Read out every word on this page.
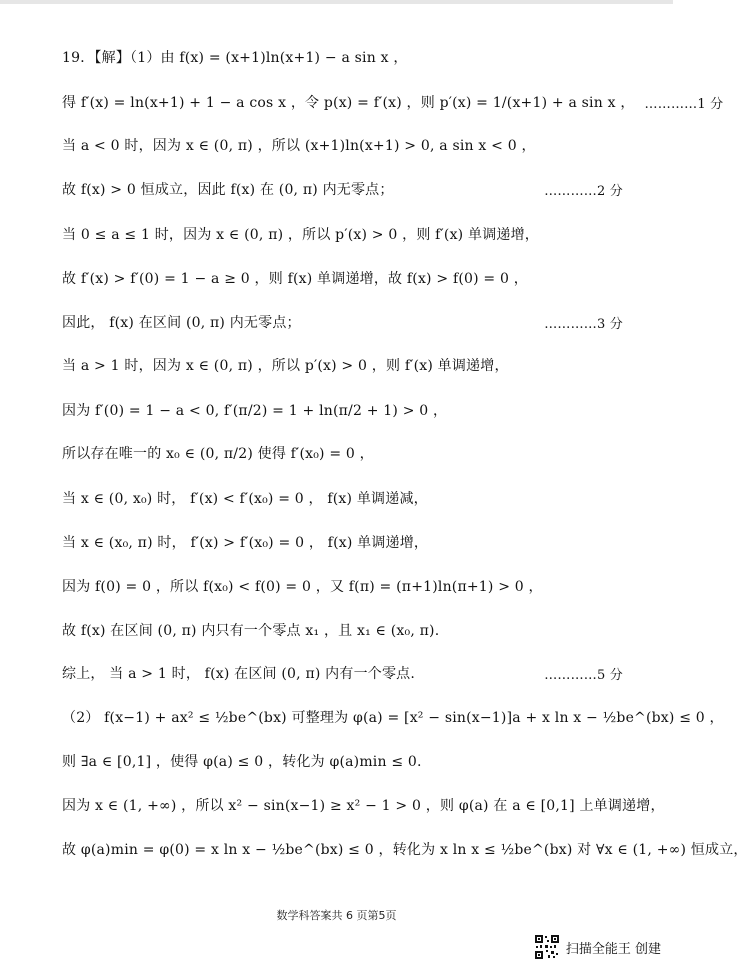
19．【解】（1）由 f(x) = (x+1)ln(x+1) − a sin x ，
得 f′(x) = ln(x+1) + 1 − a cos x ，令 p(x) = f′(x) ，则 p′(x) = 1/(x+1) + a sin x ， …………1 分
当 a < 0 时，因为 x ∈ (0, π) ，所以 (x+1)ln(x+1) > 0, a sin x < 0 ，
故 f(x) > 0 恒成立，因此 f(x) 在 (0, π) 内无零点；	…………2 分
当 0 ≤ a ≤ 1 时，因为 x ∈ (0, π) ，所以 p′(x) > 0 ，则 f′(x) 单调递增，
故 f′(x) > f′(0) = 1 − a ≥ 0 ，则 f(x) 单调递增，故 f(x) > f(0) = 0 ，
因此， f(x) 在区间 (0, π) 内无零点；	…………3 分
当 a > 1 时，因为 x ∈ (0, π) ，所以 p′(x) > 0 ，则 f′(x) 单调递增，
因为 f′(0) = 1 − a < 0, f′(π/2) = 1 + ln(π/2 + 1) > 0 ，
所以存在唯一的 x₀ ∈ (0, π/2) 使得 f′(x₀) = 0 ，
当 x ∈ (0, x₀) 时， f′(x) < f′(x₀) = 0 ， f(x) 单调递减，
当 x ∈ (x₀, π) 时， f′(x) > f′(x₀) = 0 ， f(x) 单调递增，
因为 f(0) = 0 ，所以 f(x₀) < f(0) = 0 ，又 f(π) = (π+1)ln(π+1) > 0 ，
故 f(x) 在区间 (0, π) 内只有一个零点 x₁ ，且 x₁ ∈ (x₀, π).
综上， 当 a > 1 时， f(x) 在区间 (0, π) 内有一个零点.	…………5 分
（2） f(x−1) + ax² ≤ ½be^(bx) 可整理为 φ(a) = [x² − sin(x−1)]a + x ln x − ½be^(bx) ≤ 0 ，
则 ∃a ∈ [0,1] ，使得 φ(a) ≤ 0 ，转化为 φ(a)min ≤ 0.
因为 x ∈ (1, +∞) ，所以 x² − sin(x−1) ≥ x² − 1 > 0 ，则 φ(a) 在 a ∈ [0,1] 上单调递增，
故 φ(a)min = φ(0) = x ln x − ½be^(bx) ≤ 0 ，转化为 x ln x ≤ ½be^(bx) 对 ∀x ∈ (1, +∞) 恒成立，
数学科答案共 6 页第5页
扫描全能王 创建
